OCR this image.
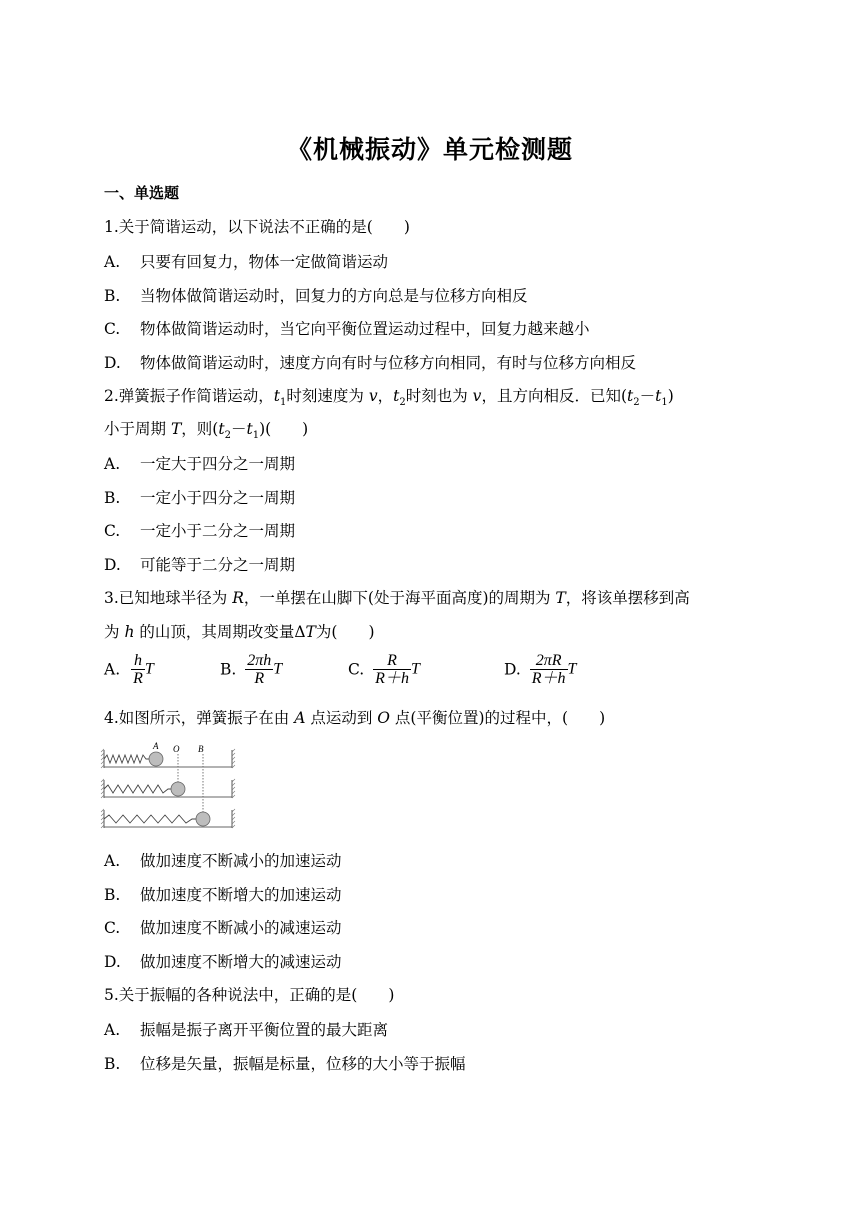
《机械振动》单元检测题
一、单选题
1.关于简谐运动，以下说法不正确的是(　　)
A. 只要有回复力，物体一定做简谐运动
B. 当物体做简谐运动时，回复力的方向总是与位移方向相反
C. 物体做简谐运动时，当它向平衡位置运动过程中，回复力越来越小
D. 物体做简谐运动时，速度方向有时与位移方向相同，有时与位移方向相反
2.弹簧振子作简谐运动，$t_1$时刻速度为 v，$t_2$时刻也为 v，且方向相反．已知$(t_2-t_1)$
小于周期 T，则$(t_2-t_1)$(　　)
A. 一定大于四分之一周期
B. 一定小于四分之一周期
C. 一定小于二分之一周期
D. 可能等于二分之一周期
3.已知地球半径为 R，一单摆在山脚下(处于海平面高度)的周期为 T，将该单摆移到高
为 h 的山顶，其周期改变量ΔT为(　　)
A. $\frac{h}{R}$ T	B. $\frac{2\pi h}{R}$ T	C. $\frac{R}{R+h}$ T	D. $\frac{2\pi R}{R+h}$ T
4.如图所示，弹簧振子在由 A 点运动到 O 点(平衡位置)的过程中，(　　)
A O B
A. 做加速度不断减小的加速运动
B. 做加速度不断增大的加速运动
C. 做加速度不断减小的减速运动
D. 做加速度不断增大的减速运动
5.关于振幅的各种说法中，正确的是(　　)
A. 振幅是振子离开平衡位置的最大距离
B. 位移是矢量，振幅是标量，位移的大小等于振幅
